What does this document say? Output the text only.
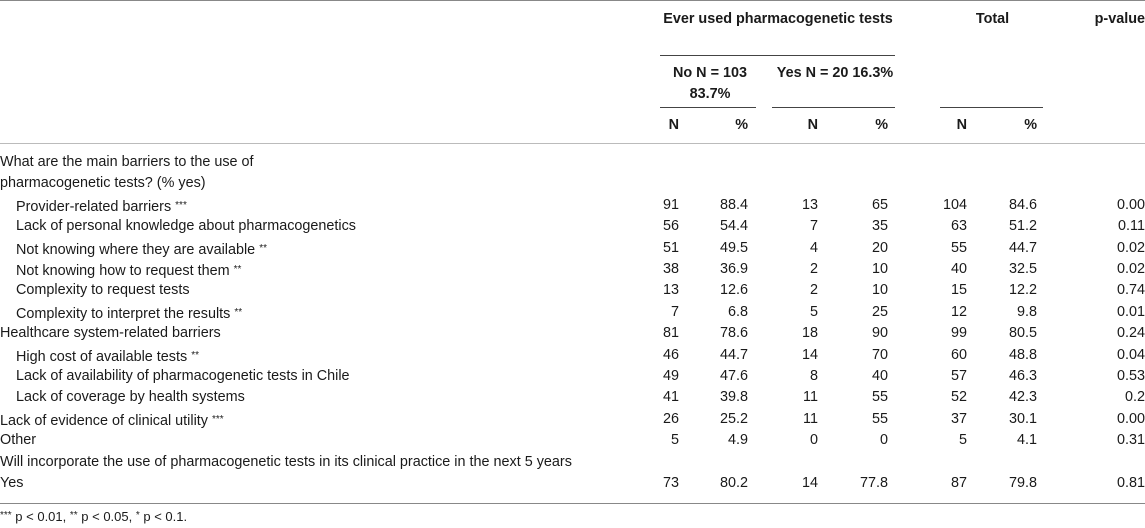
Ever used pharmacogenetic tests	Total	p-value
No N = 103 83.7%
Yes N = 20 16.3%
N	%	N	%	N	%
What are the main barriers to the use of
pharmacogenetic tests? (% yes)
Provider-related barriers ***	91	88.4	13	65	104	84.6	0.00
Lack of personal knowledge about pharmacogenetics	56	54.4	7	35	63	51.2	0.11
Not knowing where they are available **	51	49.5	4	20	55	44.7	0.02
Not knowing how to request them **	38	36.9	2	10	40	32.5	0.02
Complexity to request tests	13	12.6	2	10	15	12.2	0.74
Complexity to interpret the results **	7	6.8	5	25	12	9.8	0.01
Healthcare system-related barriers	81	78.6	18	90	99	80.5	0.24
High cost of available tests **	46	44.7	14	70	60	48.8	0.04
Lack of availability of pharmacogenetic tests in Chile	49	47.6	8	40	57	46.3	0.53
Lack of coverage by health systems	41	39.8	11	55	52	42.3	0.2
Lack of evidence of clinical utility ***	26	25.2	11	55	37	30.1	0.00
Other	5	4.9	0	0	5	4.1	0.31
Will incorporate the use of pharmacogenetic tests in its clinical practice in the next 5 years
Yes	73	80.2	14	77.8	87	79.8	0.81
*** p < 0.01, ** p < 0.05, * p < 0.1.
